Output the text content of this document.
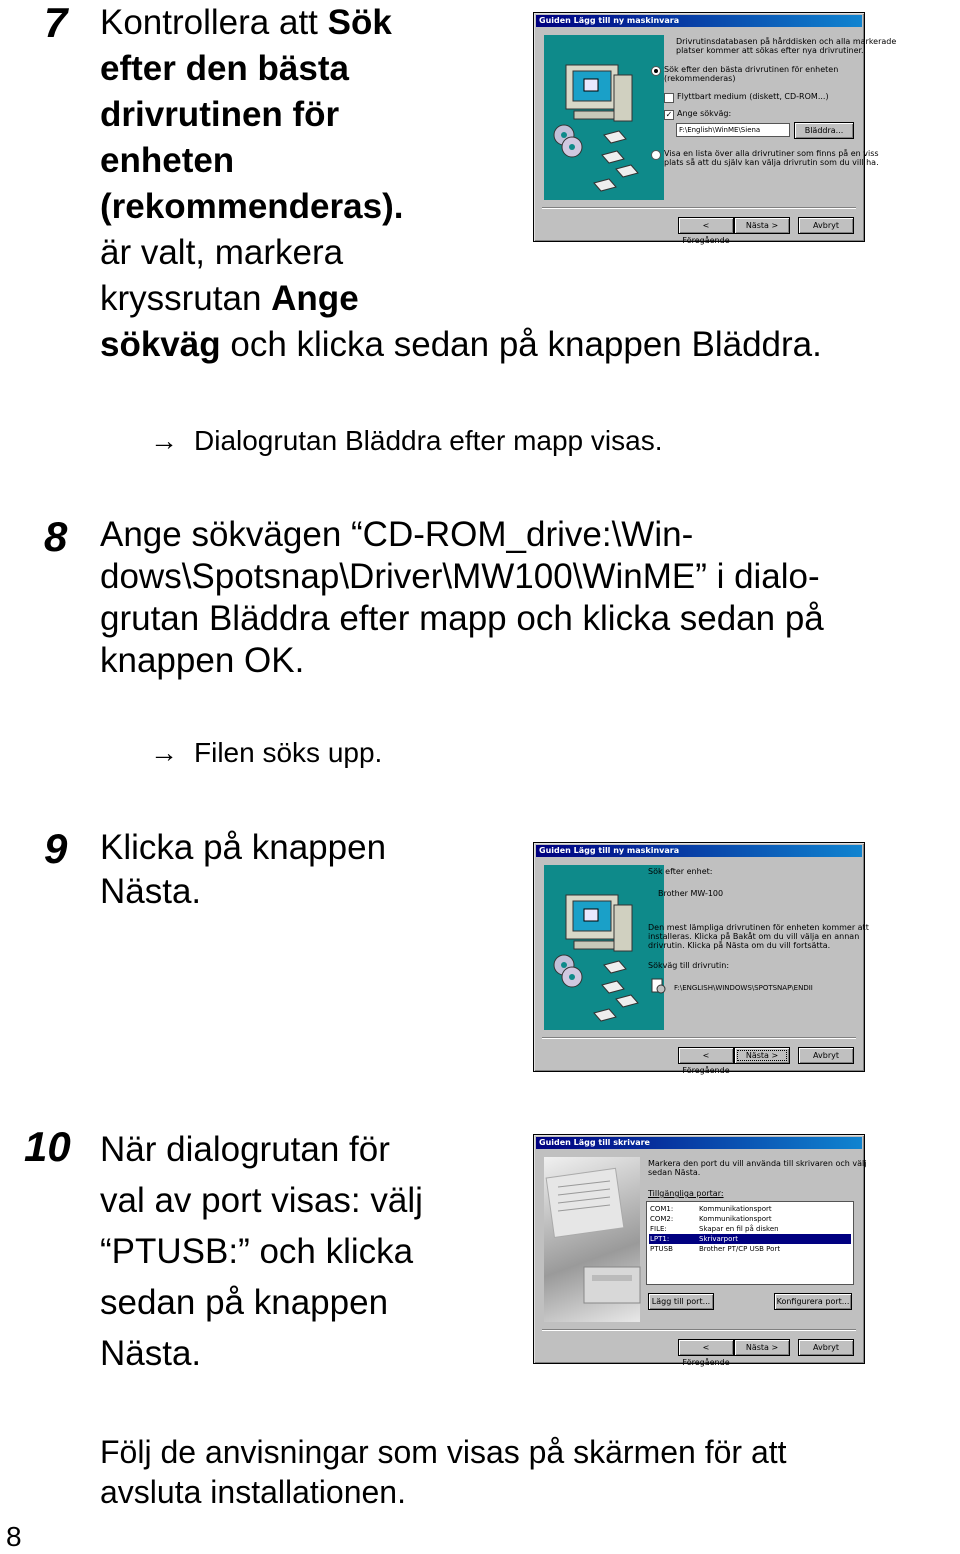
7 Kontrollera att Sök
efter den bästa
drivrutinen för
enheten
(rekommenderas).
är valt, markera
kryssrutan Ange
sökväg och klicka sedan på knappen Bläddra.
→ Dialogrutan Bläddra efter mapp visas.
Guiden Lägg till ny maskinvara
Drivrutinsdatabasen på hårddisken och alla markerade
platser kommer att sökas efter nya drivrutiner.
Sök efter den bästa drivrutinen för enheten
(rekommenderas)
Flyttbart medium (diskett, CD-ROM...)
✓ Ange sökväg:
F:\English\WinME\Siena	Bläddra...
Visa en lista över alla drivrutiner som finns på en viss
plats så att du själv kan välja drivrutin som du vill ha.
< Föregående
Nästa >	Avbryt
8 Ange sökvägen “CD-ROM_drive:\Win-
dows\Spotsnap\Driver\MW100\WinME” i dialo-
grutan Bläddra efter mapp och klicka sedan på
knappen OK.
→ Filen söks upp.
9 Klicka på knappen
Nästa.
Guiden Lägg till ny maskinvara
Sök efter enhet:
Brother MW-100
Den mest lämpliga drivrutinen för enheten kommer att
installeras. Klicka på Bakåt om du vill välja en annan
drivrutin. Klicka på Nästa om du vill fortsätta.
Sökväg till drivrutin:
F:\ENGLISH\WINDOWS\SPOTSNAP\ENDII
< Föregående
Nästa >	Avbryt
10 När dialogrutan för
val av port visas: välj
“PTUSB:” och klicka
sedan på knappen
Nästa.
Guiden Lägg till skrivare
Markera den port du vill använda till skrivaren och välj
sedan Nästa.
Tillgängliga portar:
COM1:	Kommunikationsport
COM2:	Kommunikationsport
FILE:	Skapar en fil på disken
LPT1:	Skrivarport
PTUSB	Brother PT/CP USB Port
Lägg till port...	Konfigurera port...
< Föregående
Nästa >	Avbryt
Följ de anvisningar som visas på skärmen för att
avsluta installationen.
8
